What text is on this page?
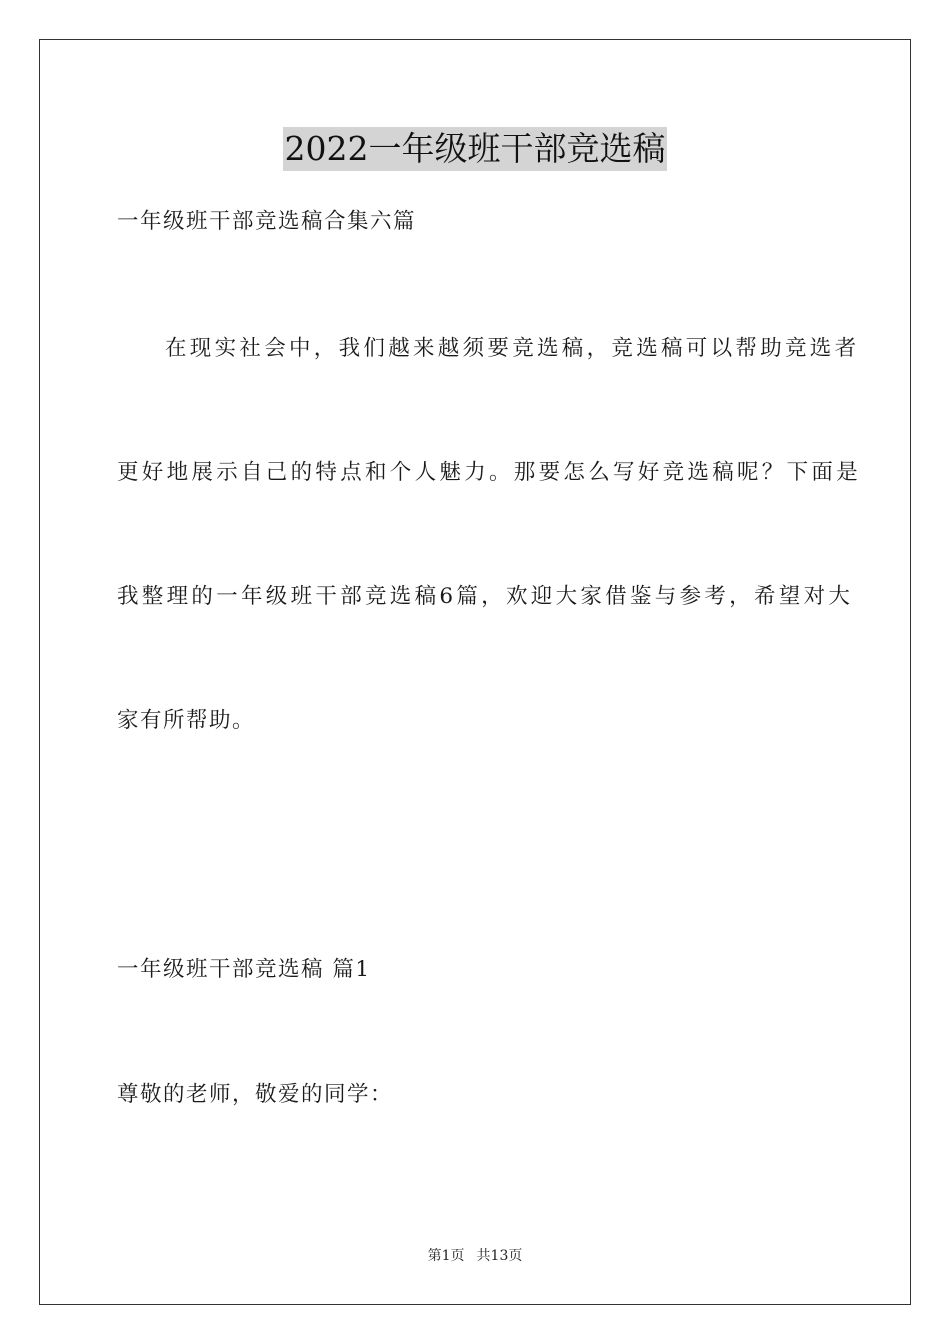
2022一年级班干部竞选稿
一年级班干部竞选稿合集六篇
在现实社会中，我们越来越须要竞选稿，竞选稿可以帮助竞选者
更好地展示自己的特点和个人魅力。那要怎么写好竞选稿呢？下面是
我整理的一年级班干部竞选稿6篇，欢迎大家借鉴与参考，希望对大
家有所帮助。
一年级班干部竞选稿 篇1
尊敬的老师，敬爱的同学：
第1页 共13页
